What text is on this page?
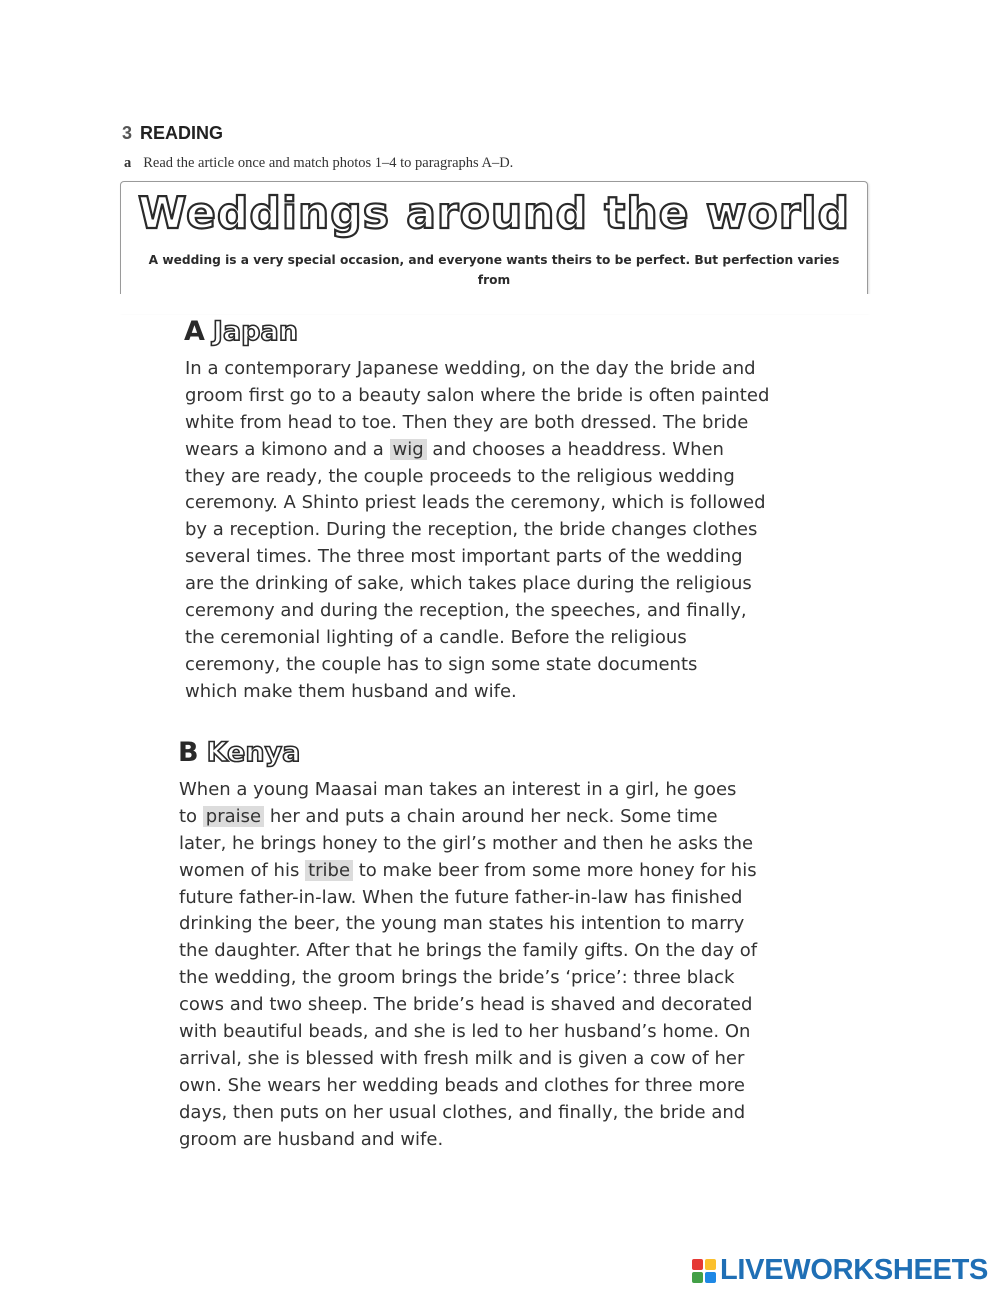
3 READING
a Read the article once and match photos 1–4 to paragraphs A–D.
Weddings around the world
A wedding is a very special occasion, and everyone wants theirs to be perfect. But perfection varies from
A Japan
In a contemporary Japanese wedding, on the day the bride and
groom first go to a beauty salon where the bride is often painted
white from head to toe. Then they are both dressed. The bride
wears a kimono and a wig and chooses a headdress. When
they are ready, the couple proceeds to the religious wedding
ceremony. A Shinto priest leads the ceremony, which is followed
by a reception. During the reception, the bride changes clothes
several times. The three most important parts of the wedding
are the drinking of sake, which takes place during the religious
ceremony and during the reception, the speeches, and finally,
the ceremonial lighting of a candle. Before the religious
ceremony, the couple has to sign some state documents
which make them husband and wife.
B Kenya
When a young Maasai man takes an interest in a girl, he goes
to praise her and puts a chain around her neck. Some time
later, he brings honey to the girl’s mother and then he asks the
women of his tribe to make beer from some more honey for his
future father-in-law. When the future father-in-law has finished
drinking the beer, the young man states his intention to marry
the daughter. After that he brings the family gifts. On the day of
the wedding, the groom brings the bride’s ‘price’: three black
cows and two sheep. The bride’s head is shaved and decorated
with beautiful beads, and she is led to her husband’s home. On
arrival, she is blessed with fresh milk and is given a cow of her
own. She wears her wedding beads and clothes for three more
days, then puts on her usual clothes, and finally, the bride and
groom are husband and wife.
LIVEWORKSHEETS
